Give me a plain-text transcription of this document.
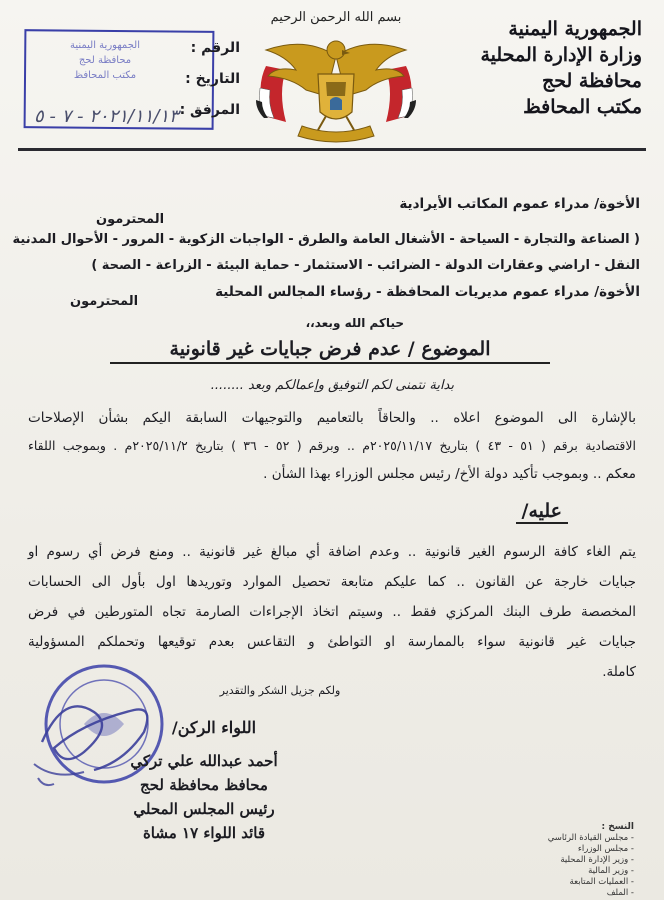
الجمهورية اليمنية
وزارة الإدارة المحلية
محافظة لحج
مكتب المحافظ
بسم الله الرحمن الرحيم
الجمهورية اليمنية
محافظة لحج
مكتب المحافظ
الرقم :
التاريخ :
المرفق :
٢٠٢١/١١/١٣ - ٧ - ٥
الأخوة/ مدراء عموم المكاتب الأيرادية
المحترمون
( الصناعة والتجارة - السياحة - الأشغال العامة والطرق - الواجبات الزكوية - المرور - الأحوال المدنية
النقل - اراضي وعقارات الدولة - الضرائب - الاستثمار - حماية البيئة - الزراعة - الصحة )
الأخوة/ مدراء عموم مديريات المحافظة - رؤساء المجالس المحلية
المحترمون
حياكم الله وبعد،،
الموضوع / عدم فرض جبايات غير قانونية
بداية نتمنى لكم التوفيق وإعمالكم وبعد ........
بالإشارة الى الموضوع اعلاه .. والحاقاً بالتعاميم والتوجيهات السابقة اليكم بشأن الإصلاحات
الاقتصادية برقم ( ٥١ - ٤٣ ) بتاريخ ٢٠٢٥/١١/١٧م .. وبرقم ( ٥٢ - ٣٦ ) بتاريخ ٢٠٢٥/١١/٢م . وبموجب اللقاء
معكم .. وبموجب تأكيد دولة الأخ/ رئيس مجلس الوزراء بهذا الشأن .
عليه/
يتم الغاء كافة الرسوم الغير قانونية .. وعدم اضافة أي مبالغ غير قانونية .. ومنع فرض أي رسوم او
جبايات خارجة عن القانون .. كما عليكم متابعة تحصيل الموارد وتوريدها اول بأول الى الحسابات
المخصصة طرف البنك المركزي فقط .. وسيتم اتخاذ الإجراءات الصارمة تجاه المتورطين في فرض
جبايات غير قانونية سواء بالممارسة او التواطئ و التقاعس بعدم توقيعها وتحملكم المسؤولية
كاملة.
ولكم جزيل الشكر والتقدير
اللواء الركن/
أحمد عبدالله علي تركي
محافظ محافظة لحج
رئيس المجلس المحلي
قائد اللواء ١٧ مشاة	النسخ :
- مجلس القيادة الرئاسي
- مجلس الوزراء
- وزير الإدارة المحلية
- وزير المالية
- العمليات المتابعة
- الملف
